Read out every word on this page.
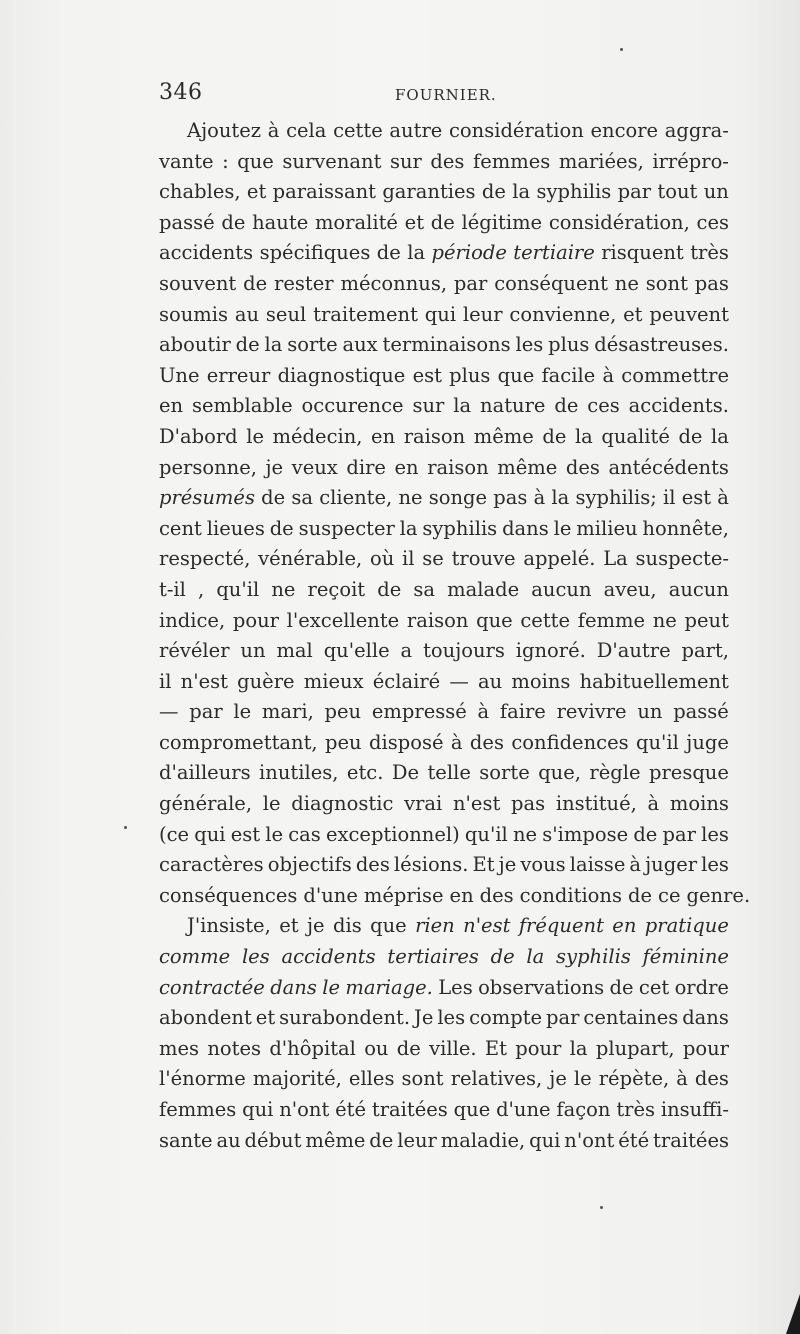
346	FOURNIER.
Ajoutez à cela cette autre considération encore aggra-
vante : que survenant sur des femmes mariées, irrépro-
chables, et paraissant garanties de la syphilis par tout un
passé de haute moralité et de légitime considération, ces
accidents spécifiques de la période tertiaire risquent très
souvent de rester méconnus, par conséquent ne sont pas
soumis au seul traitement qui leur convienne, et peuvent
aboutir de la sorte aux terminaisons les plus désastreuses.
Une erreur diagnostique est plus que facile à commettre
en semblable occurence sur la nature de ces accidents.
D'abord le médecin, en raison même de la qualité de la
personne, je veux dire en raison même des antécédents
présumés de sa cliente, ne songe pas à la syphilis; il est à
cent lieues de suspecter la syphilis dans le milieu honnête,
respecté, vénérable, où il se trouve appelé. La suspecte-
t-il , qu'il ne reçoit de sa malade aucun aveu, aucun
indice, pour l'excellente raison que cette femme ne peut
révéler un mal qu'elle a toujours ignoré. D'autre part,
il n'est guère mieux éclairé — au moins habituellement
— par le mari, peu empressé à faire revivre un passé
compromettant, peu disposé à des confidences qu'il juge
d'ailleurs inutiles, etc. De telle sorte que, règle presque
générale, le diagnostic vrai n'est pas institué, à moins
(ce qui est le cas exceptionnel) qu'il ne s'impose de par les
caractères objectifs des lésions. Et je vous laisse à juger les
conséquences d'une méprise en des conditions de ce genre.
J'insiste, et je dis que rien n'est fréquent en pratique
comme les accidents tertiaires de la syphilis féminine
contractée dans le mariage. Les observations de cet ordre
abondent et surabondent. Je les compte par centaines dans
mes notes d'hôpital ou de ville. Et pour la plupart, pour
l'énorme majorité, elles sont relatives, je le répète, à des
femmes qui n'ont été traitées que d'une façon très insuffi-
sante au début même de leur maladie, qui n'ont été traitées
